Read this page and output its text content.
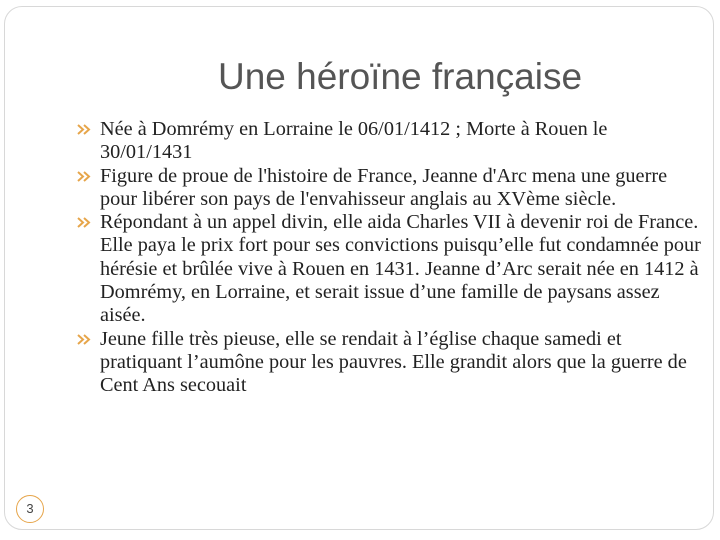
Une héroïne française
Née à Domrémy en Lorraine le 06/01/1412 ; Morte à Rouen le 30/01/1431
Figure de proue de l'histoire de France, Jeanne d'Arc mena une guerre pour libérer son pays de l'envahisseur anglais au XVème siècle.
Répondant à un appel divin, elle aida Charles VII à devenir roi de France. Elle paya le prix fort pour ses convictions puisqu’elle fut condamnée pour hérésie et brûlée vive à Rouen en 1431. Jeanne d’Arc serait née en 1412 à Domrémy, en Lorraine, et serait issue d’une famille de paysans assez aisée.
Jeune fille très pieuse, elle se rendait à l’église chaque samedi et pratiquant l’aumône pour les pauvres. Elle grandit alors que la guerre de Cent Ans secouait
3
